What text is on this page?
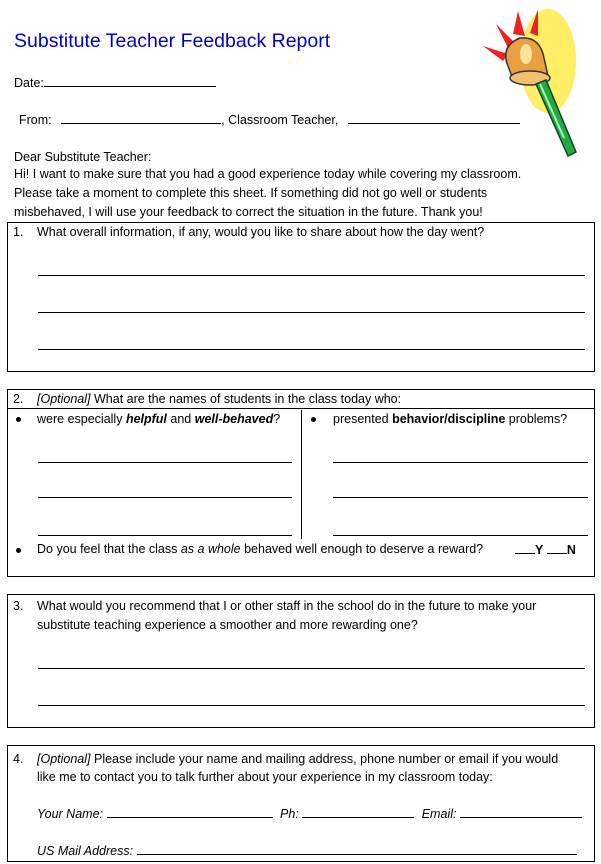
Substitute Teacher Feedback Report
Date:
From:	, Classroom Teacher,
Dear Substitute Teacher:
Hi! I want to make sure that you had a good experience today while covering my classroom.
Please take a moment to complete this sheet. If something did not go well or students
misbehaved, I will use your feedback to correct the situation in the future. Thank you!
1. What overall information, if any, would you like to share about how the day went?
2. [Optional] What are the names of students in the class today who:
were especially helpful and well-behaved?	presented behavior/discipline problems?
Do you feel that the class as a whole behaved well enough to deserve a reward?	Y N
3. What would you recommend that I or other staff in the school do in the future to make your
substitute teaching experience a smoother and more rewarding one?
4. [Optional] Please include your name and mailing address, phone number or email if you would
like me to contact you to talk further about your experience in my classroom today:
Your Name:	Ph:	Email:
US Mail Address:
